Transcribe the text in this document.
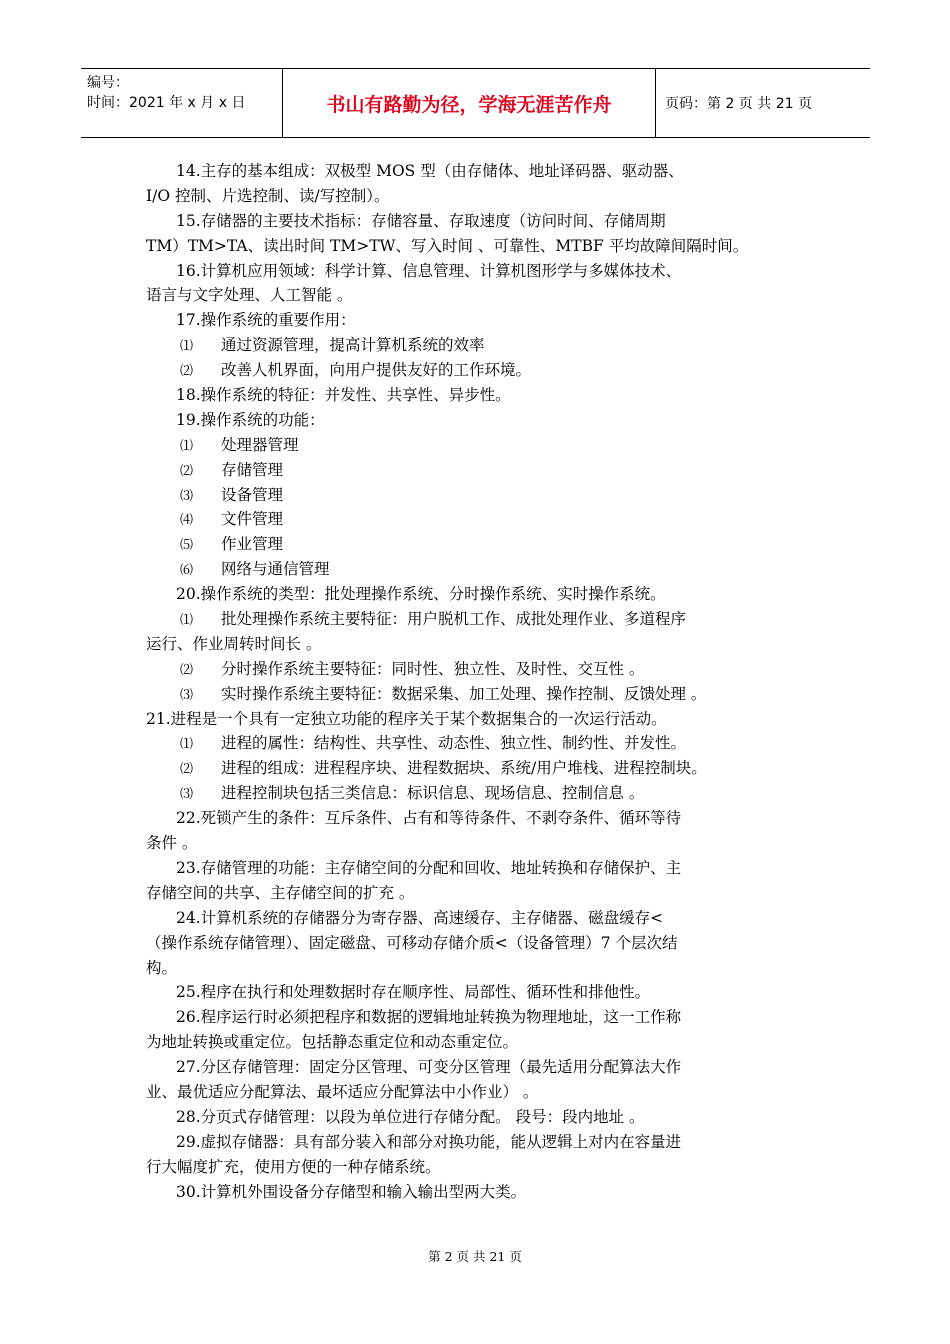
编号：
时间：2021 年 x 月 x 日	书山有路勤为径，学海无涯苦作舟	页码：第 2 页 共 21 页
14.主存的基本组成：双极型 MOS 型（由存储体、地址译码器、驱动器、
I/O 控制、片选控制、读/写控制）。
15.存储器的主要技术指标：存储容量、存取速度（访问时间、存储周期
TM）TM>TA、读出时间 TM>TW、写入时间 、可靠性、MTBF 平均故障间隔时间。
16.计算机应用领域：科学计算、信息管理、计算机图形学与多媒体技术、
语言与文字处理、人工智能 。
17.操作系统的重要作用：
⑴ 通过资源管理，提高计算机系统的效率
⑵ 改善人机界面，向用户提供友好的工作环境。
18.操作系统的特征：并发性、共享性、异步性。
19.操作系统的功能：
⑴ 处理器管理
⑵ 存储管理
⑶ 设备管理
⑷ 文件管理
⑸ 作业管理
⑹ 网络与通信管理
20.操作系统的类型：批处理操作系统、分时操作系统、实时操作系统。
⑴ 批处理操作系统主要特征：用户脱机工作、成批处理作业、多道程序
运行、作业周转时间长 。
⑵ 分时操作系统主要特征：同时性、独立性、及时性、交互性 。
⑶ 实时操作系统主要特征：数据采集、加工处理、操作控制、反馈处理 。
21.进程是一个具有一定独立功能的程序关于某个数据集合的一次运行活动。
⑴ 进程的属性：结构性、共享性、动态性、独立性、制约性、并发性。
⑵ 进程的组成：进程程序块、进程数据块、系统/用户堆栈、进程控制块。
⑶ 进程控制块包括三类信息：标识信息、现场信息、控制信息 。
22.死锁产生的条件：互斥条件、占有和等待条件、不剥夺条件、循环等待
条件 。
23.存储管理的功能：主存储空间的分配和回收、地址转换和存储保护、主
存储空间的共享、主存储空间的扩充 。
24.计算机系统的存储器分为寄存器、高速缓存、主存储器、磁盘缓存<
（操作系统存储管理）、固定磁盘、可移动存储介质<（设备管理）7 个层次结
构。
25.程序在执行和处理数据时存在顺序性、局部性、循环性和排他性。
26.程序运行时必须把程序和数据的逻辑地址转换为物理地址，这一工作称
为地址转换或重定位。包括静态重定位和动态重定位。
27.分区存储管理：固定分区管理、可变分区管理（最先适用分配算法大作
业、最优适应分配算法、最坏适应分配算法中小作业） 。
28.分页式存储管理：以段为单位进行存储分配。 段号：段内地址 。
29.虚拟存储器：具有部分装入和部分对换功能，能从逻辑上对内在容量进
行大幅度扩充，使用方便的一种存储系统。
30.计算机外围设备分存储型和输入输出型两大类。
第 2 页 共 21 页
